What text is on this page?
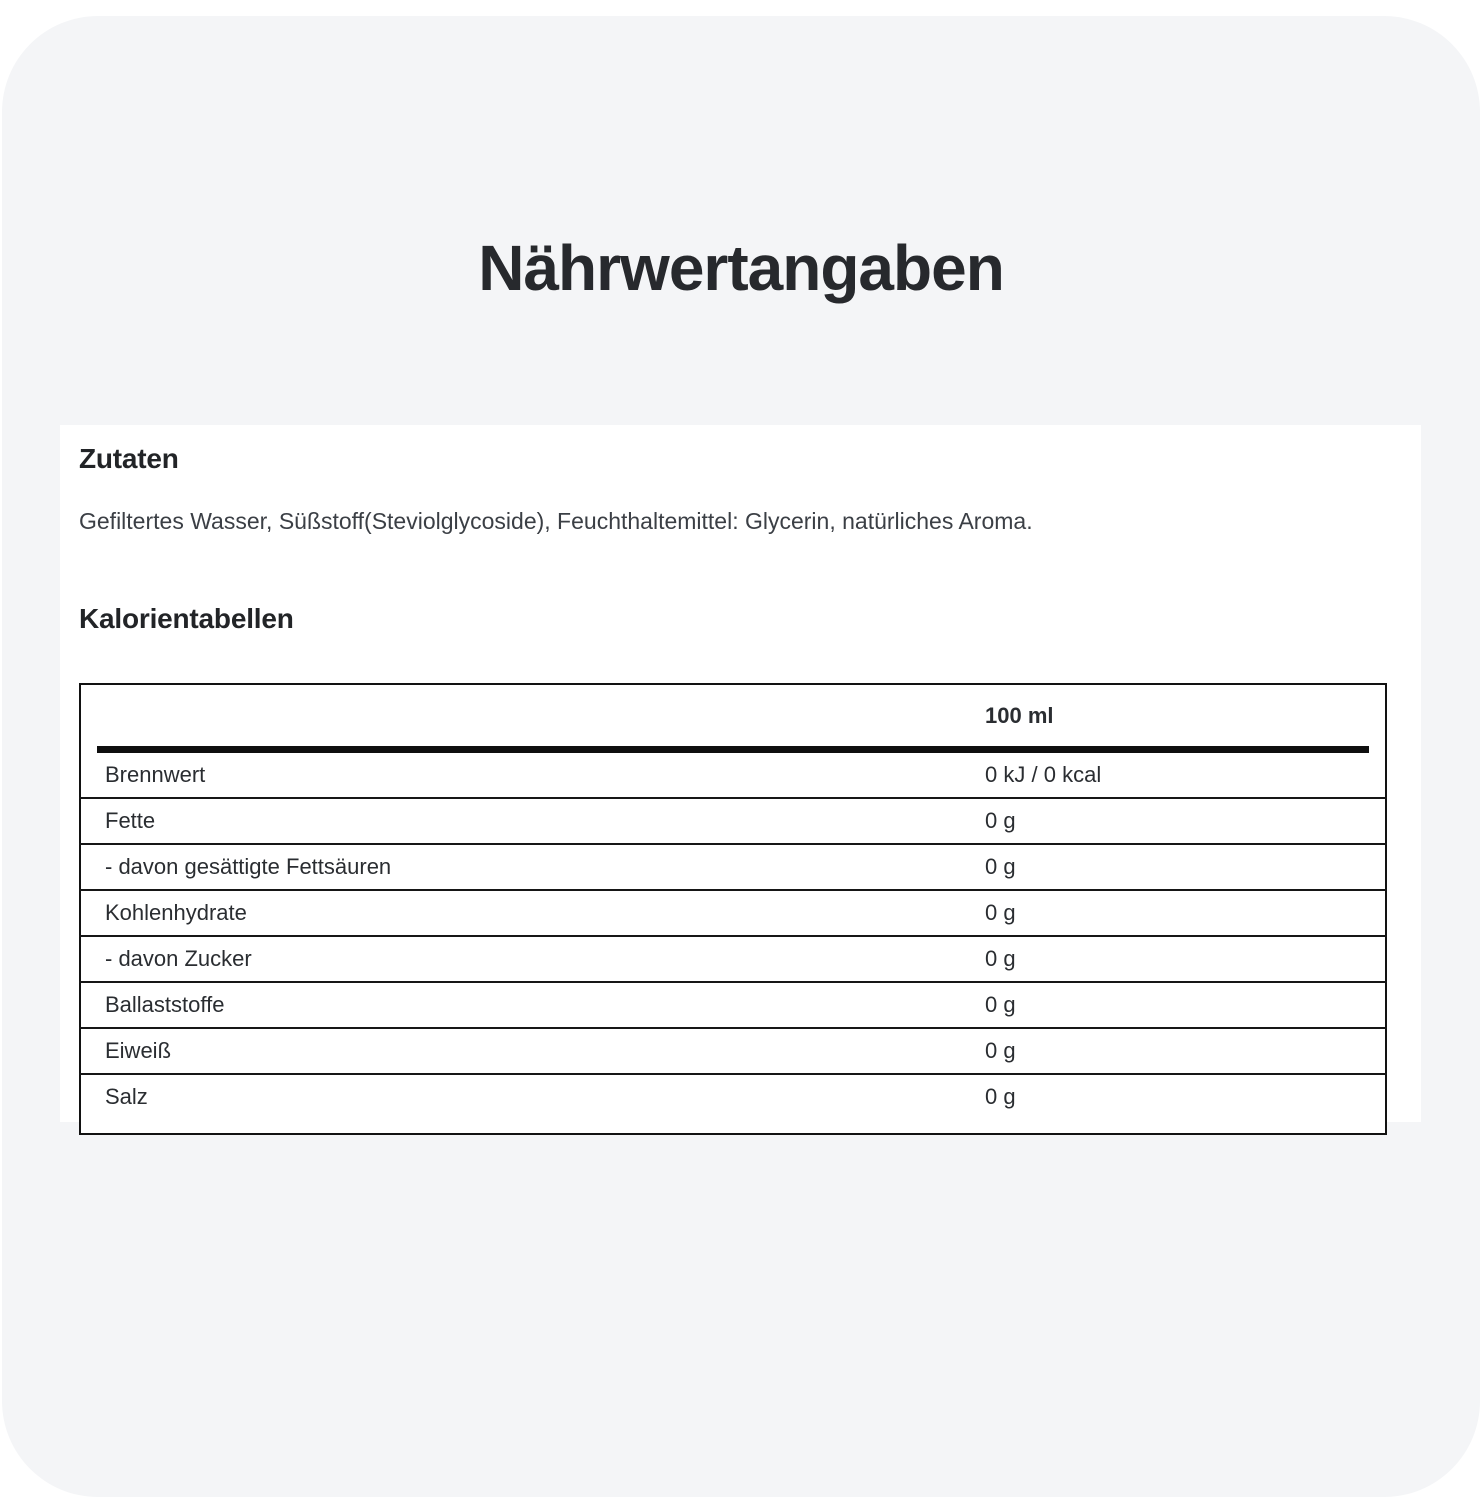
Nährwertangaben
Zutaten

Gefiltertes Wasser, Süßstoff(Steviolglycoside), Feuchthaltemittel: Glycerin, natürliches Aroma.

Kalorientabellen
	100 ml

Brennwert	0 kJ / 0 kcal
Fette	0 g
- davon gesättigte Fettsäuren	0 g
Kohlenhydrate	0 g
- davon Zucker	0 g
Ballaststoffe	0 g
Eiweiß	0 g
Salz	0 g
